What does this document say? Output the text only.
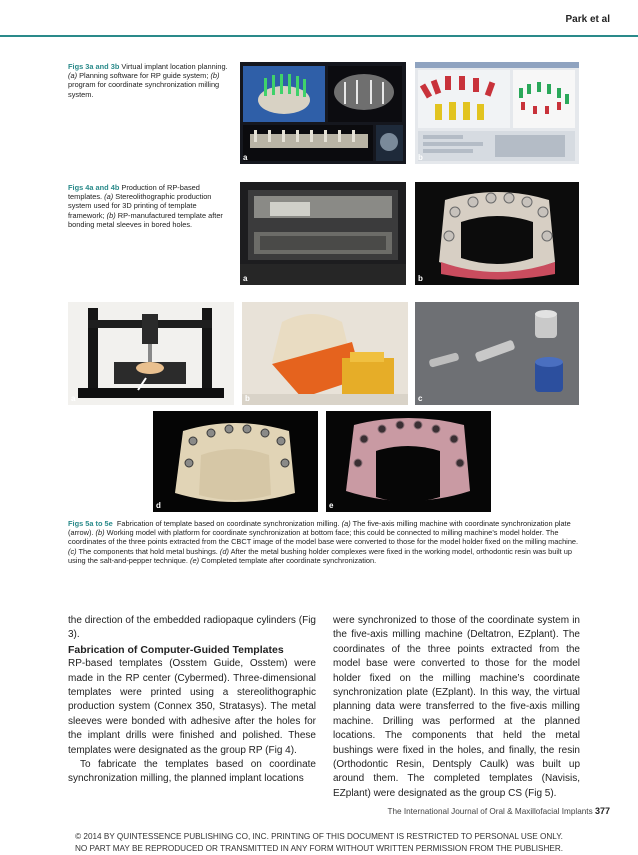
Park et al
Figs 3a and 3b Virtual implant location planning. (a) Planning software for RP guide system; (b) program for coordinate synchronization milling system.
a	b
Figs 4a and 4b Production of RP-based templates. (a) Stereolithographic production system used for 3D printing of template framework; (b) RP-manufactured template after bonding metal sleeves in bored holes.
a	b
a	b	c
d	e
Figs 5a to 5e Fabrication of template based on coordinate synchronization milling. (a) The five-axis milling machine with coordinate synchronization plate (arrow). (b) Working model with platform for coordinate synchronization at bottom face; this could be connected to milling machine’s model holder. The coordinates of the three points extracted from the CBCT image of the model base were converted to those for the model holder fixed on the milling machine. (c) The components that hold metal bushings. (d) After the metal bushing holder complexes were fixed in the working model, orthodontic resin was built up using the salt-and-pepper technique. (e) Completed template after coordinate synchronization.

the direction of the embedded radiopaque cylinders (Fig 3).

Fabrication of Computer-Guided Templates

RP-based templates (Osstem Guide, Osstem) were made in the RP center (Cybermed). Three-dimensional templates were printed using a stereolithographic production system (Connex 350, Stratasys). The metal sleeves were bonded with adhesive after the holes for the implant drills were finished and polished. These templates were designated as the group RP (Fig 4).

To fabricate the templates based on coordinate synchronization milling, the planned implant locations

were synchronized to those of the coordinate system in the five-axis milling machine (Deltatron, EZplant). The coordinates of the three points extracted from the model base were converted to those for the model holder fixed on the milling machine’s coordinate synchronization plate (EZplant). In this way, the virtual planning data were transferred to the five-axis milling machine. Drilling was performed at the planned locations. The components that held the metal bushings were fixed in the holes, and finally, the resin (Orthodontic Resin, Dentsply Caulk) was built up around them. The completed templates (Navisis, EZplant) were designated as the group CS (Fig 5).

The International Journal of Oral & Maxillofacial Implants 377
© 2014 BY QUINTESSENCE PUBLISHING CO, INC. PRINTING OF THIS DOCUMENT IS RESTRICTED TO PERSONAL USE ONLY.
NO PART MAY BE REPRODUCED OR TRANSMITTED IN ANY FORM WITHOUT WRITTEN PERMISSION FROM THE PUBLISHER.
